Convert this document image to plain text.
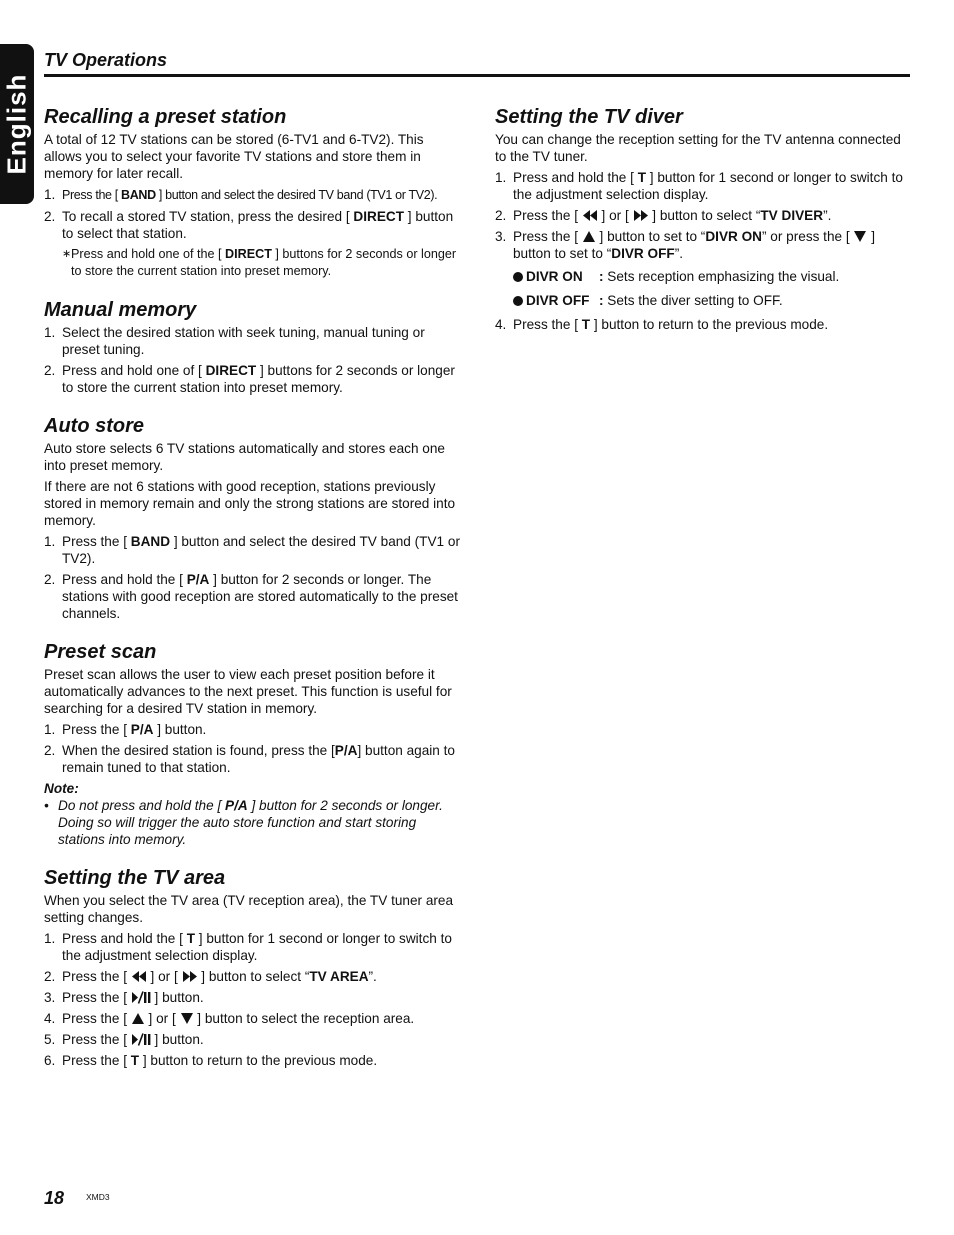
English
TV Operations
Recalling a preset station

A total of 12 TV stations can be stored (6-TV1 and 6-TV2). This allows you to select your favorite TV stations and store them in memory for later recall.

1. Press the [ BAND ] button and select the desired TV band (TV1 or TV2).
2. To recall a stored TV station, press the desired [ DIRECT ] button to select that station.
∗ Press and hold one of the [ DIRECT ] buttons for 2 seconds or longer to store the current station into preset memory.
Manual memory
1. Select the desired station with seek tuning, manual tuning or preset tuning.
2. Press and hold one of [ DIRECT ] buttons for 2 seconds or longer to store the current station into preset memory.
Auto store

Auto store selects 6 TV stations automatically and stores each one into preset memory.

If there are not 6 stations with good reception, stations previously stored in memory remain and only the strong stations are stored into memory.

1. Press the [ BAND ] button and select the desired TV band (TV1 or TV2).
2. Press and hold the [ P/A ] button for 2 seconds or longer. The stations with good reception are stored automatically to the preset channels.
Preset scan

Preset scan allows the user to view each preset position before it automatically advances to the next preset. This function is useful for searching for a desired TV station in memory.

1. Press the [ P/A ] button.
2. When the desired station is found, press the [P/A] button again to remain tuned to that station.
Note:
• Do not press and hold the [ P/A ] button for 2 seconds or longer. Doing so will trigger the auto store function and start storing stations into memory.
Setting the TV area

When you select the TV area (TV reception area), the TV tuner area setting changes.

1. Press and hold the [ T ] button for 1 second or longer to switch to the adjustment selection display.
2. Press the [  ] or [  ] button to select “TV AREA”.
3. Press the [  ] button.
4. Press the [  ] or [  ] button to select the reception area.
5. Press the [  ] button.
6. Press the [ T ] button to return to the previous mode.
Setting the TV diver

You can change the reception setting for the TV antenna connected to the TV tuner.

1. Press and hold the [ T ] button for 1 second or longer to switch to the adjustment selection display.
2. Press the [  ] or [  ] button to select “TV DIVER”.
3. Press the [  ] button to set to “DIVR ON” or press the [  ] button to set to “DIVR OFF”.
DIVR ON : Sets reception emphasizing the visual.
DIVR OFF : Sets the diver setting to OFF.
4. Press the [ T ] button to return to the previous mode.
18	XMD3
